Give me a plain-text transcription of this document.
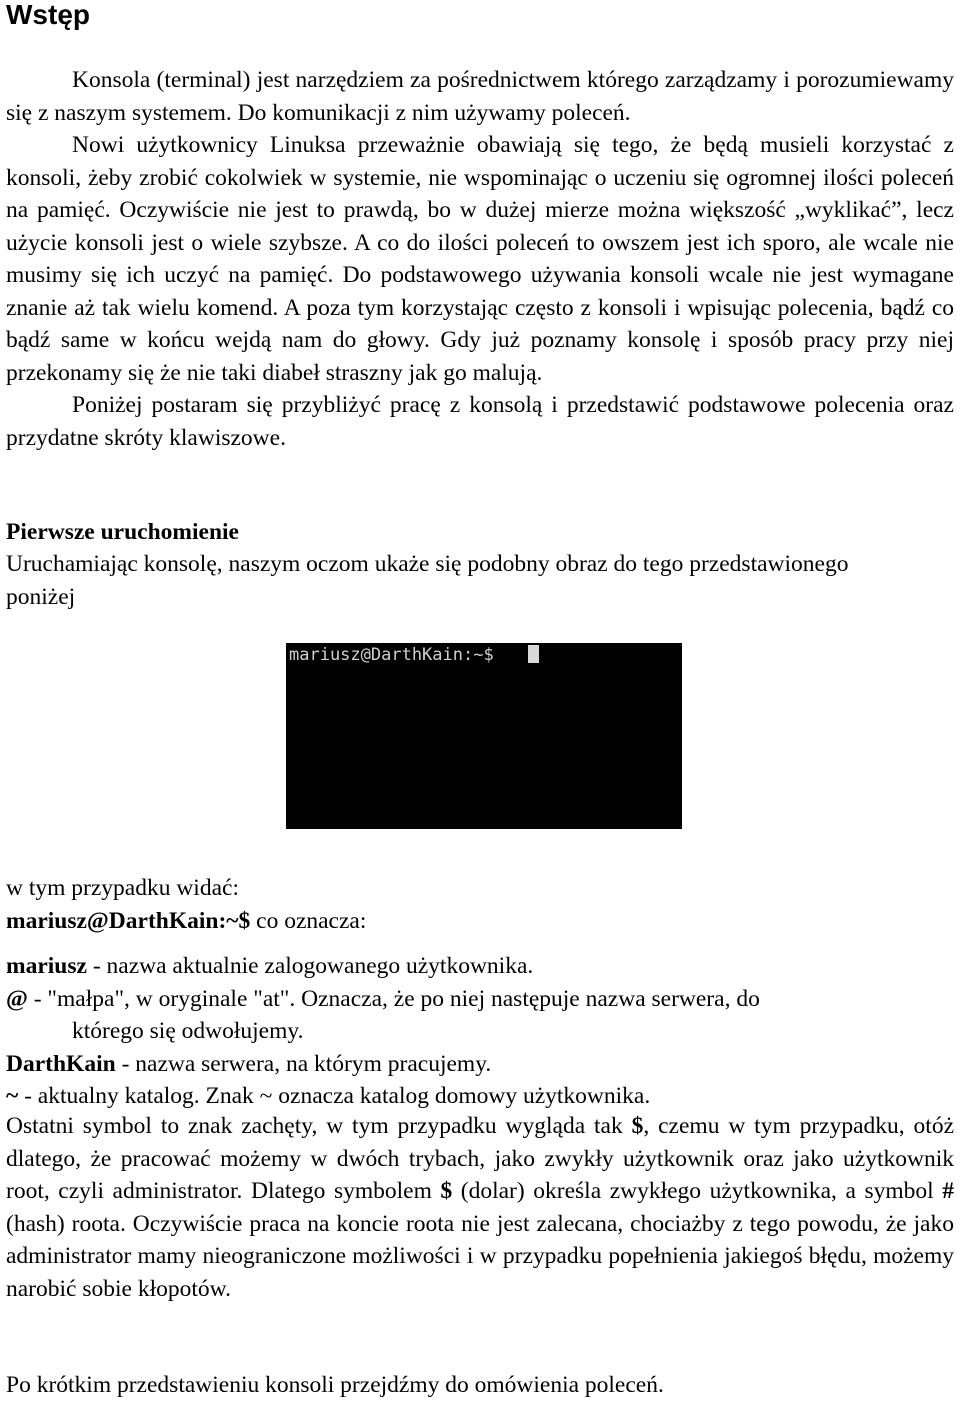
Wstęp

Konsola (terminal) jest narzędziem za pośrednictwem którego zarządzamy i porozumiewamy się z naszym systemem. Do komunikacji z nim używamy poleceń.

Nowi użytkownicy Linuksa przeważnie obawiają się tego, że będą musieli korzystać z konsoli, żeby zrobić cokolwiek w systemie, nie wspominając o uczeniu się ogromnej ilości poleceń na pamięć. Oczywiście nie jest to prawdą, bo w dużej mierze można większość „wyklikać”, lecz użycie konsoli jest o wiele szybsze. A co do ilości poleceń to owszem jest ich sporo, ale wcale nie musimy się ich uczyć na pamięć. Do podstawowego używania konsoli wcale nie jest wymagane znanie aż tak wielu komend. A poza tym korzystając często z konsoli i wpisując polecenia, bądź co bądź same w końcu wejdą nam do głowy. Gdy już poznamy konsolę i sposób pracy przy niej przekonamy się że nie taki diabeł straszny jak go malują.

Poniżej postaram się przybliżyć pracę z konsolą i przedstawić podstawowe polecenia oraz przydatne skróty klawiszowe.

Pierwsze uruchomienie
Uruchamiając konsolę, naszym oczom ukaże się podobny obraz do tego przedstawionego poniżej
mariusz@DarthKain:~$
w tym przypadku widać:
mariusz@DarthKain:~$ co oznacza:
mariusz - nazwa aktualnie zalogowanego użytkownika.
@ - "małpa", w oryginale "at". Oznacza, że po niej następuje nazwa serwera, do
którego się odwołujemy.
DarthKain - nazwa serwera, na którym pracujemy.
~ - aktualny katalog. Znak ~ oznacza katalog domowy użytkownika.

Ostatni symbol to znak zachęty, w tym przypadku wygląda tak $, czemu w tym przypadku, otóż dlatego, że pracować możemy w dwóch trybach, jako zwykły użytkownik oraz jako użytkownik root, czyli administrator. Dlatego symbolem $ (dolar) określa zwykłego użytkownika, a symbol # (hash) roota. Oczywiście praca na koncie roota nie jest zalecana, chociażby z tego powodu, że jako administrator mamy nieograniczone możliwości i w przypadku popełnienia jakiegoś błędu, możemy narobić sobie kłopotów.

Po krótkim przedstawieniu konsoli przejdźmy do omówienia poleceń.
